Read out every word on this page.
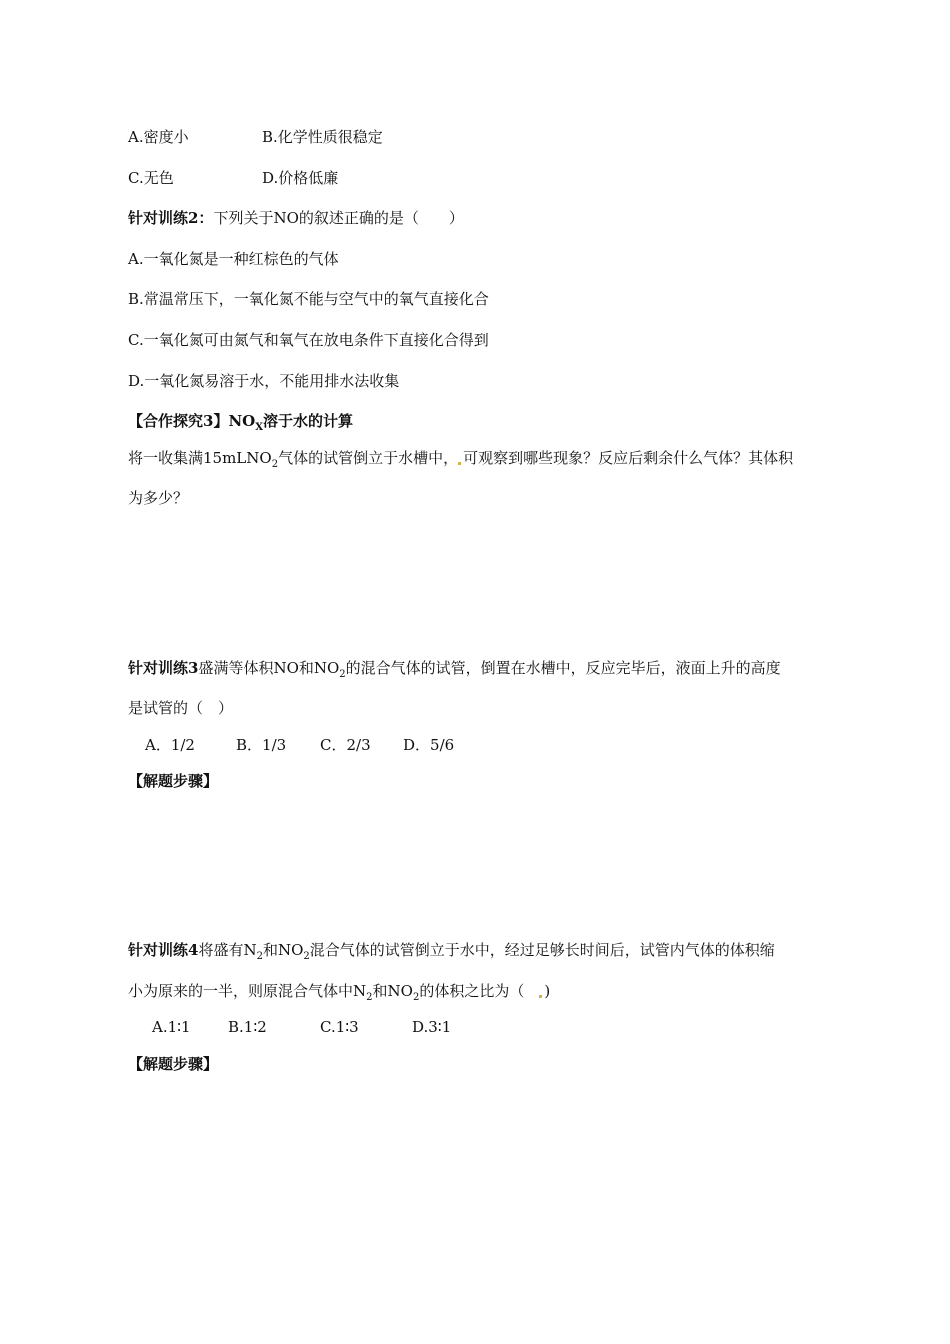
A.密度小	B.化学性质很稳定
C.无色	D.价格低廉
针对训练2：下列关于NO的叙述正确的是（　　）
A.一氧化氮是一种红棕色的气体
B.常温常压下，一氧化氮不能与空气中的氧气直接化合
C.一氧化氮可由氮气和氧气在放电条件下直接化合得到
D.一氧化氮易溶于水，不能用排水法收集
【合作探究3】$NO_X$溶于水的计算
将一收集满15mLNO$_2$气体的试管倒立于水槽中， 可观察到哪些现象？反应后剩余什么气体？其体积
为多少？
针对训练3盛满等体积NO和$NO_2$的混合气体的试管，倒置在水槽中，反应完毕后，液面上升的高度
是试管的（　）
A．1/2	B．1/3 C．2/3 D．5/6
【解题步骤】
针对训练4将盛有$N_2$和$NO_2$混合气体的试管倒立于水中，经过足够长时间后，试管内气体的体积缩
小为原来的一半，则原混合气体中$N_2$和$NO_2$的体积之比为（　)
A.1∶1 B.1∶2	C.1∶3	D.3∶1
【解题步骤】
